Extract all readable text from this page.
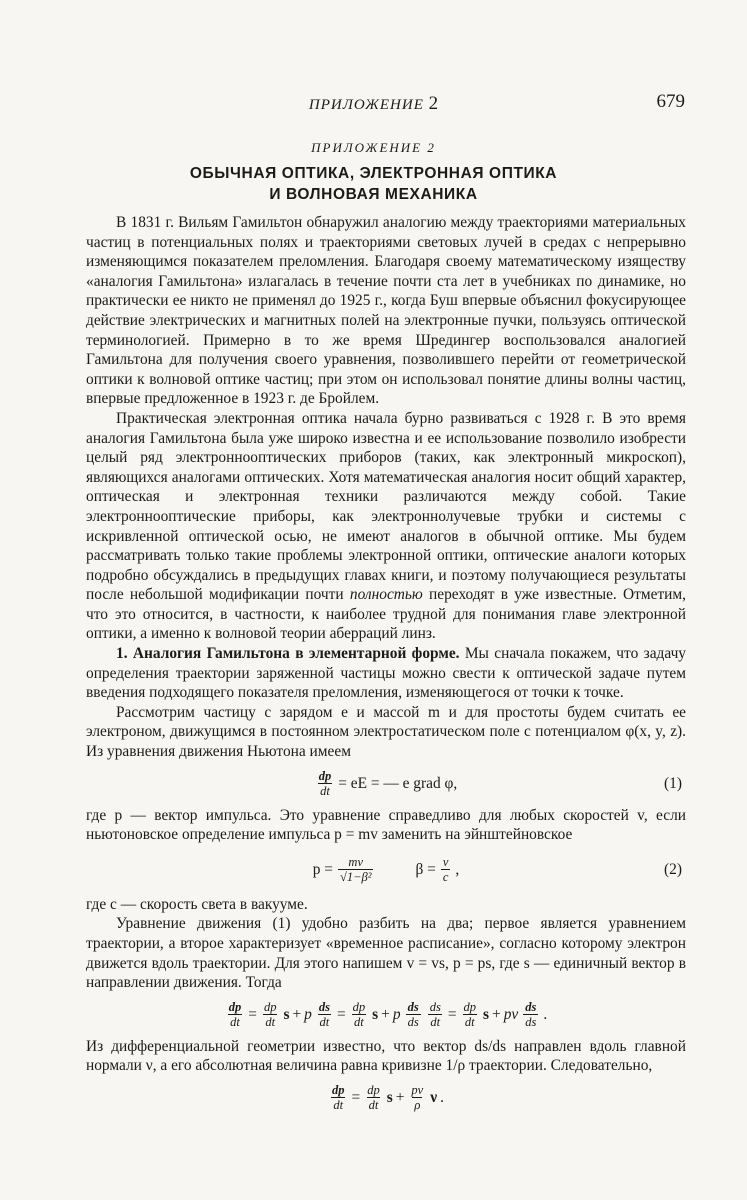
ПРИЛОЖЕНИЕ 2	679
ПРИЛОЖЕНИЕ 2
ОБЫЧНАЯ ОПТИКА, ЭЛЕКТРОННАЯ ОПТИКА
И ВОЛНОВАЯ МЕХАНИКА

В 1831 г. Вильям Гамильтон обнаружил аналогию между траекториями материальных частиц в потенциальных полях и траекториями световых лучей в средах с непрерывно изменяющимся показателем преломления. Благодаря своему математическому изяществу «аналогия Гамильтона» излагалась в течение почти ста лет в учебниках по динамике, но практически ее никто не применял до 1925 г., когда Буш впервые объяснил фокусирующее действие электрических и магнитных полей на электронные пучки, пользуясь оптической терминологией. Примерно в то же время Шредингер воспользовался аналогией Гамильтона для получения своего уравнения, позволившего перейти от геометрической оптики к волновой оптике частиц; при этом он использовал понятие длины волны частиц, впервые предложенное в 1923 г. де Бройлем.

Практическая электронная оптика начала бурно развиваться с 1928 г. В это время аналогия Гамильтона была уже широко известна и ее использование позволило изобрести целый ряд электроннооптических приборов (таких, как электронный микроскоп), являющихся аналогами оптических. Хотя математическая аналогия носит общий характер, оптическая и электронная техники различаются между собой. Такие электроннооптические приборы, как электроннолучевые трубки и системы с искривленной оптической осью, не имеют аналогов в обычной оптике. Мы будем рассматривать только такие проблемы электронной оптики, оптические аналоги которых подробно обсуждались в предыдущих главах книги, и поэтому получающиеся результаты после небольшой модификации почти полностью переходят в уже известные. Отметим, что это относится, в частности, к наиболее трудной для понимания главе электронной оптики, а именно к волновой теории аберраций линз.

1. Аналогия Гамильтона в элементарной форме. Мы сначала покажем, что задачу определения траектории заряженной частицы можно свести к оптической задаче путем введения подходящего показателя преломления, изменяющегося от точки к точке.

Рассмотрим частицу с зарядом e и массой m и для простоты будем считать ее электроном, движущимся в постоянном электростатическом поле с потенциалом φ(x, y, z). Из уравнения движения Ньютона имеем

$\frac{dp}{dt}$ = eE = — e grad φ,	(1)

где p — вектор импульса. Это уравнение справедливо для любых скоростей v, если ньютоновское определение импульса p = mv заменить на эйнштейновское

$p = \frac{mv}{\text{√1−β²}}$	$\beta = \frac{v}{c}$ ,	(2)

где c — скорость света в вакууме.

Уравнение движения (1) удобно разбить на два; первое является уравнением траектории, а второе характеризует «временное расписание», согласно которому электрон движется вдоль траектории. Для этого напишем v = vs, p = ps, где s — единичный вектор в направлении движения. Тогда

$\frac{dp}{dt} = \frac{dp}{dt}$ s + p $\frac{ds}{dt} = \frac{dp}{dt}$ s + p $\frac{ds}{ds} \frac{ds}{dt} = \frac{dp}{dt}$ s + pv $\frac{ds}{ds}$ .

Из дифференциальной геометрии известно, что вектор ds/ds направлен вдоль главной нормали ν, а его абсолютная величина равна кривизне 1/ρ траектории. Следовательно,

$\frac{dp}{dt} = \frac{dp}{dt}$ $s + \frac{pv}{\rho}$ ν .
